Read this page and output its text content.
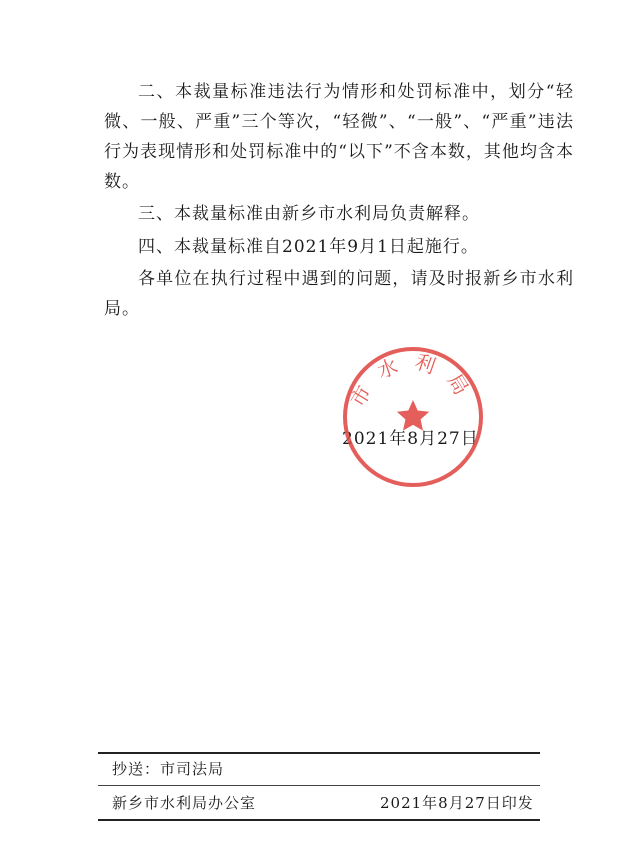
二、本裁量标准违法行为情形和处罚标准中，划分“轻微、一般、严重”三个等次，“轻微”、“一般”、“严重”违法行为表现情形和处罚标准中的“以下”不含本数，其他均含本数。

三、本裁量标准由新乡市水利局负责解释。

四、本裁量标准自2021年9月1日起施行。

各单位在执行过程中遇到的问题，请及时报新乡市水利局。

2021年8月27日
市水利局
抄送：市司法局
新乡市水利局办公室	2021年8月27日印发
